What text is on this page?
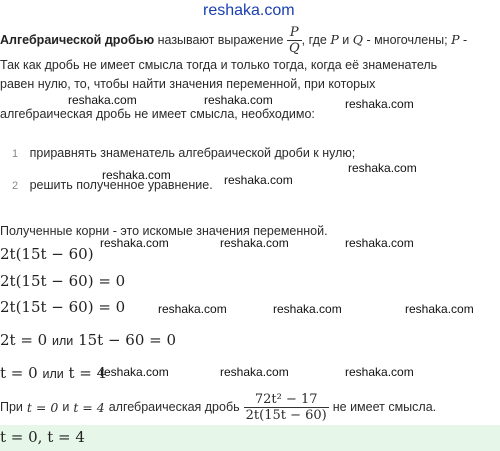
reshaka.com
reshaka.com	reshaka.com	reshaka.com
reshaka.com	reshaka.com
reshaka.com
reshaka.com	reshaka.com	reshaka.com
reshaka.com	reshaka.com	reshaka.com
reshaka.com	reshaka.com	reshaka.com
Алгебраической дробью называют выражение $\frac{P}{Q}$ , где P и Q - многочлены; P -
Так как дробь не имеет смысла тогда и только тогда, когда её знаменатель
равен нулю, то, чтобы найти значения переменной, при которых
алгебраическая дробь не имеет смысла, необходимо:
1 приравнять знаменатель алгебраической дроби к нулю;
2 решить полученное уравнение.
Полученные корни - это искомые значения переменной.
2t(15t − 60)
2t(15t − 60) = 0
2t(15t − 60) = 0
2t = 0 или 15t − 60 = 0
t = 0 или t = 4
При t = 0 и t = 4 алгебраическая дробь $\frac{\text{72t² − 17}}{2t(15t - 60)}$ не имеет смысла.
t = 0, t = 4
